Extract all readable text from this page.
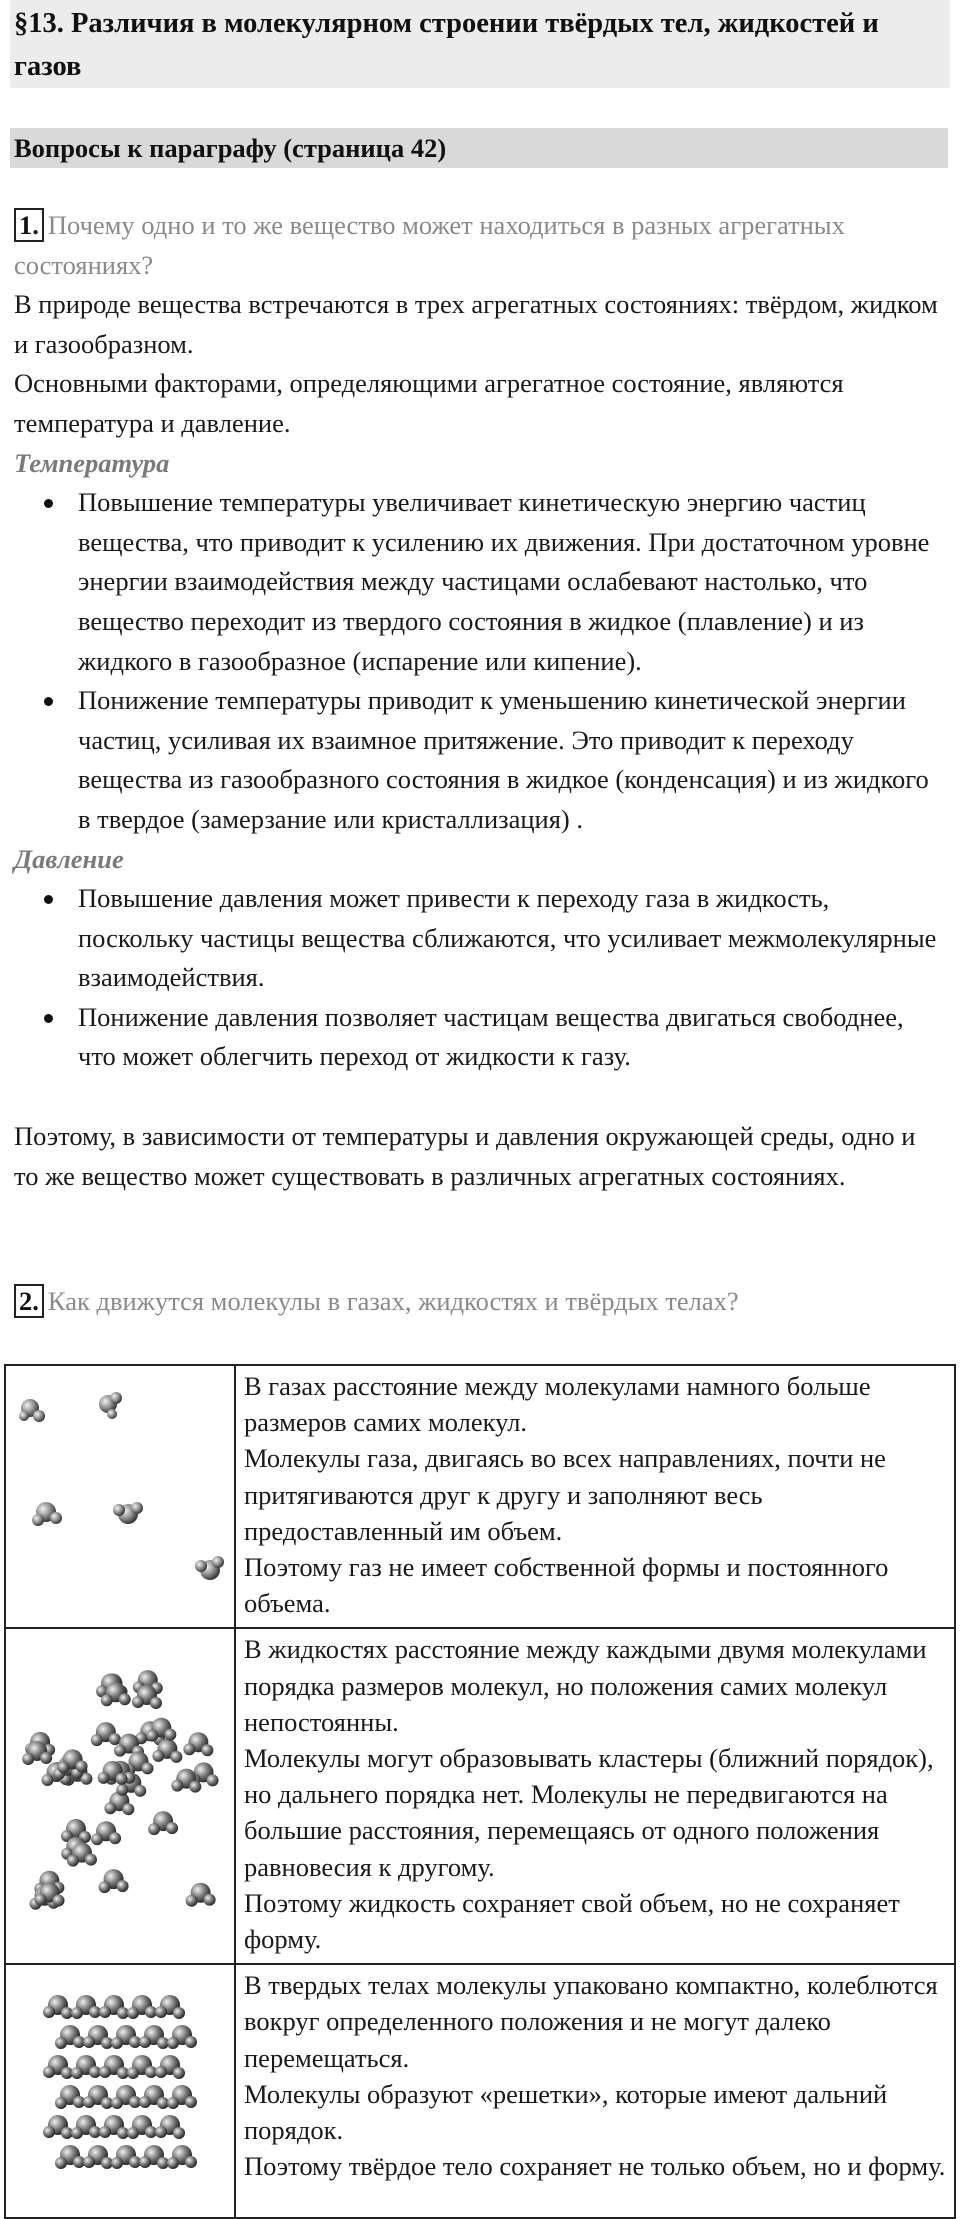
§13. Различия в молекулярном строении твёрдых тел, жидкостей и газов
Вопросы к параграфу (страница 42)

1. Почему одно и то же вещество может находиться в разных агрегатных состояниях?

В природе вещества встречаются в трех агрегатных состояниях: твёрдом, жидком и газообразном.

Основными факторами, определяющими агрегатное состояние, являются температура и давление.

Температура

Повышение температуры увеличивает кинетическую энергию частиц вещества, что приводит к усилению их движения. При достаточном уровне энергии взаимодействия между частицами ослабевают настолько, что вещество переходит из твердого состояния в жидкое (плавление) и из жидкого в газообразное (испарение или кипение).
Понижение температуры приводит к уменьшению кинетической энергии частиц, усиливая их взаимное притяжение. Это приводит к переходу вещества из газообразного состояния в жидкое (конденсация) и из жидкого в твердое (замерзание или кристаллизация) .

Давление

Повышение давления может привести к переходу газа в жидкость, поскольку частицы вещества сближаются, что усиливает межмолекулярные взаимодействия.
Понижение давления позволяет частицам вещества двигаться свободнее, что может облегчить переход от жидкости к газу.

Поэтому, в зависимости от температуры и давления окружающей среды, одно и то же вещество может существовать в различных агрегатных состояниях.

2. Как движутся молекулы в газах, жидкостях и твёрдых телах?

В газах расстояние между молекулами намного больше размеров самих молекул.

Молекулы газа, двигаясь во всех направлениях, почти не притягиваются друг к другу и заполняют весь предоставленный им объем.

Поэтому газ не имеет собственной формы и постоянного объема.

В жидкостях расстояние между каждыми двумя молекулами порядка размеров молекул, но положения самих молекул непостоянны.

Молекулы могут образовывать кластеры (ближний порядок), но дальнего порядка нет. Молекулы не передвигаются на большие расстояния, перемещаясь от одного положения равновесия к другому.

Поэтому жидкость сохраняет свой объем, но не сохраняет форму.

В твердых телах молекулы упаковано компактно, колеблются вокруг определенного положения и не могут далеко перемещаться.

Молекулы образуют «решетки», которые имеют дальний порядок.

Поэтому твёрдое тело сохраняет не только объем, но и форму.
